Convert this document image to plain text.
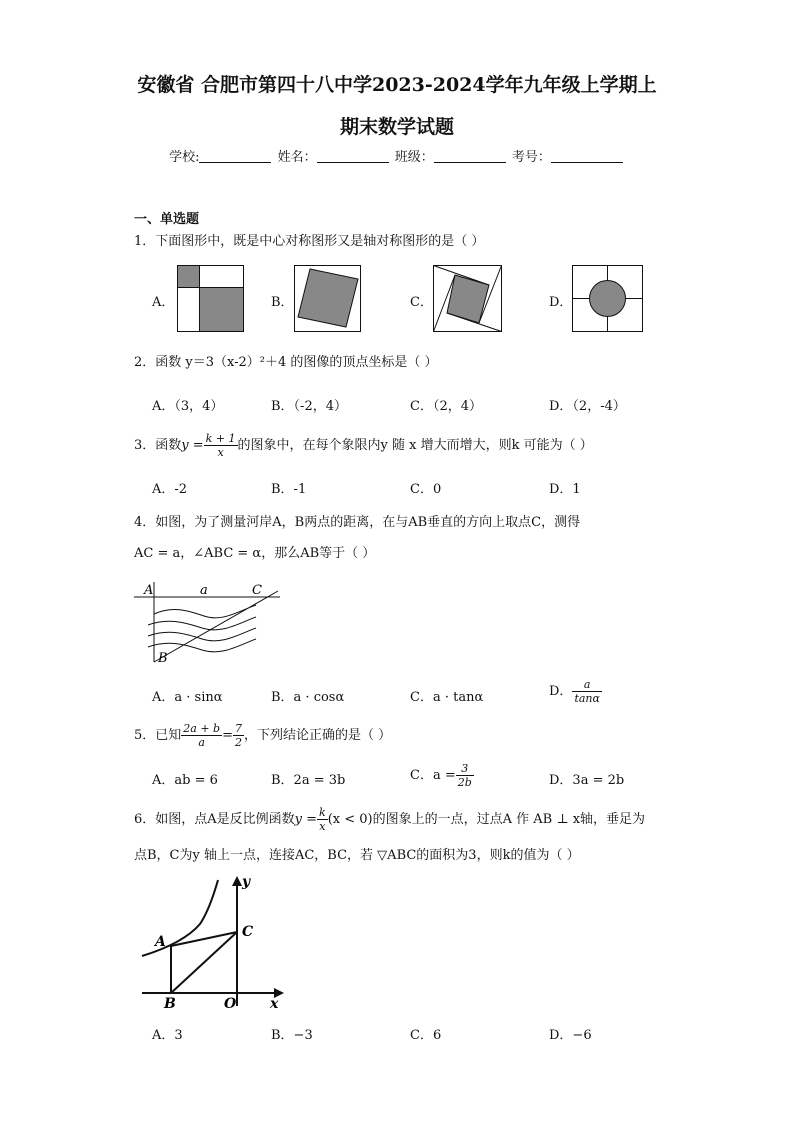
安徽省 合肥市第四十八中学2023-2024学年九年级上学期上
期末数学试题
学校:	姓名：	班级：	考号：
一、单选题
1．下面图形中，既是中心对称图形又是轴对称图形的是（ ）
A．	B．	C．	D．
2．函数 y＝3（x-2）²＋4 的图像的顶点坐标是（ ）
A．（3，4）	B．（-2，4）	C．（2，4）	D．（2，-4）
3．函数$y = \frac{k + 1}{x}$ 的图象中，在每个象限内y 随 x 增大而增大，则k 可能为（ ）
A．-2	B．-1	C．0	D．1
4．如图，为了测量河岸A，B两点的距离，在与AB垂直的方向上取点C，测得
AC = a，∠ABC = α，那么AB等于（ ）
A	a	C
B
A．a · sinα	B．a · cosα	C．a · tanα	D． $\frac{a}{\tan\alpha}$
5．已知 $\frac{2a + b}{a} = \frac{7}{2}$ ，下列结论正确的是（ ）
A．ab = 6	B．2a = 3b	C．$a = \frac{3}{2b}$	D．3a = 2b
6．如图，点A是反比例函数$y = \frac{k}{x} (x < 0)$的图象上的一点，过点A 作 AB ⊥ x轴，垂足为
点B，C为y 轴上一点，连接AC，BC，若 ▽ABC的面积为3，则k的值为（ ）
y
A
C
B	O x
A．3	B．−3	C．6	D．−6
